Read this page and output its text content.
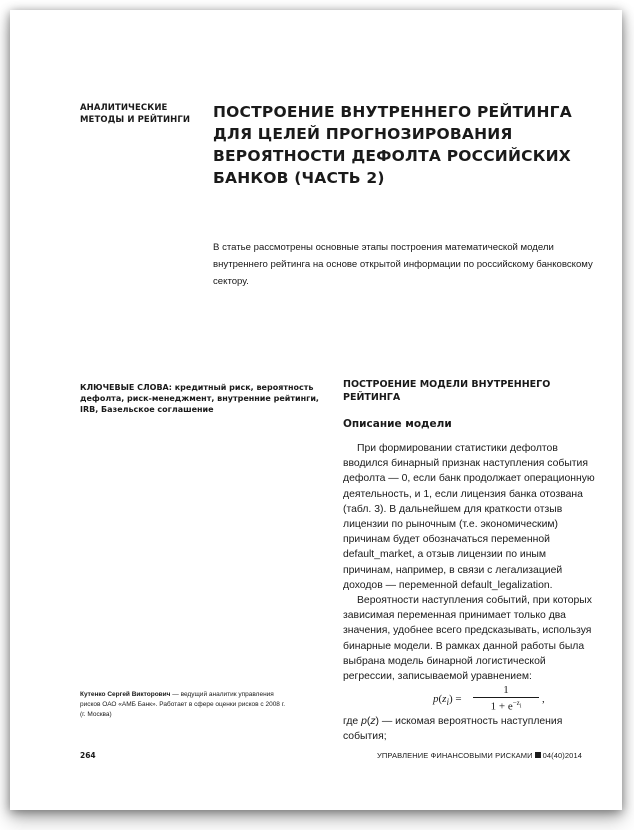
АНАЛИТИЧЕСКИЕ МЕТОДЫ И РЕЙТИНГИ	ПОСТРОЕНИЕ ВНУТРЕННЕГО РЕЙТИНГА ДЛЯ ЦЕЛЕЙ ПРОГНОЗИРОВАНИЯ ВЕРОЯТНОСТИ ДЕФОЛТА РОССИЙСКИХ БАНКОВ (ЧАСТЬ 2)
В статье рассмотрены основные этапы построения математической модели внутреннего рейтинга на основе открытой информации по российскому банковскому сектору.
КЛЮЧЕВЫЕ СЛОВА: кредитный риск, вероятность дефолта, риск-менеджмент, внутренние рейтинги, IRB, Базельское соглашение
Кутенко Сергей Викторович — ведущий аналитик управления рисков ОАО «АМБ Банк». Работает в сфере оценки рисков с 2008 г. (г. Москва)
ПОСТРОЕНИЕ МОДЕЛИ ВНУТРЕННЕГО РЕЙТИНГА
Описание модели

При формировании статистики дефолтов вводился бинарный признак наступления события дефолта — 0, если банк продолжает операционную деятельность, и 1, если лицензия банка отозвана (табл. 3). В дальнейшем для краткости отзыв лицензии по рыночным (т.е. экономическим) причинам будет обозначаться переменной default_market, а отзыв лицензии по иным причинам, например, в связи с легализацией доходов — переменной default_legalization.

Вероятности наступления событий, при которых зависимая переменная принимает только два значения, удобнее всего предсказывать, используя бинарные модели. В рамках данной работы была выбрана модель бинарной логистической регрессии, записываемой уравнением:

$p(z_i) = \frac{1}{1 + e^{-z_i}}$ ,

где p(z) — искомая вероятность наступления события;

264	УПРАВЛЕНИЕ ФИНАНСОВЫМИ РИСКАМИ 04(40)2014
